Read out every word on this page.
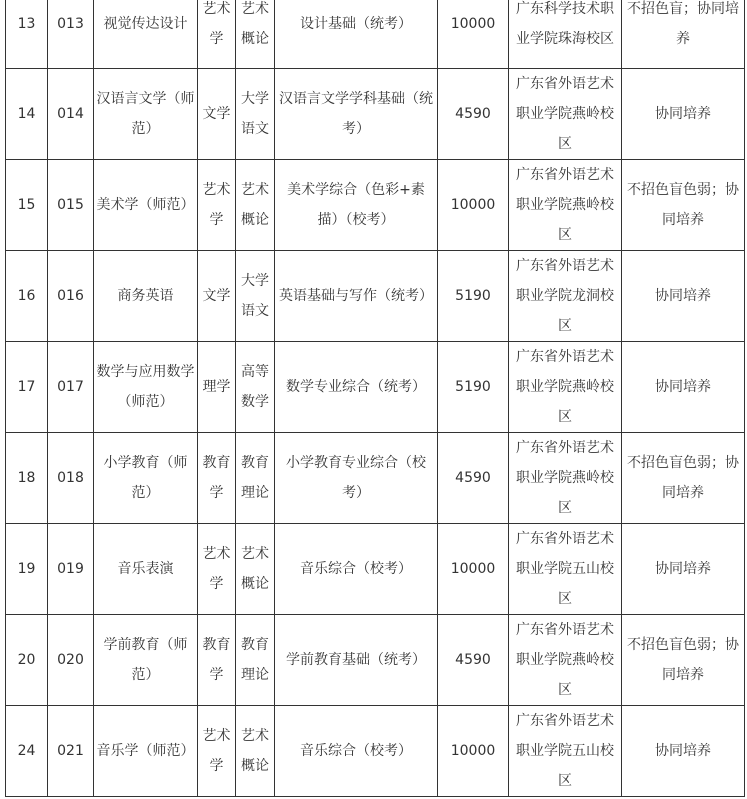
13	013	视觉传达设计	艺术学	艺术概论	设计基础（统考）	10000	广东科学技术职业学院珠海校区	不招色盲；协同培养
14	014	汉语言文学（师范）	文学	大学语文	汉语言文学学科基础（统考）	4590	广东省外语艺术职业学院燕岭校区	协同培养
15	015	美术学（师范）	艺术学	艺术概论	美术学综合（色彩+素描）（校考）	10000	广东省外语艺术职业学院燕岭校区	不招色盲色弱；协同培养
16	016	商务英语	文学	大学语文	英语基础与写作（统考）	5190	广东省外语艺术职业学院龙洞校区	协同培养
17	017	数学与应用数学（师范）	理学	高等数学	数学专业综合（统考）	5190	广东省外语艺术职业学院燕岭校区	协同培养
18	018	小学教育（师范）	教育学	教育理论	小学教育专业综合（校考）	4590	广东省外语艺术职业学院燕岭校区	不招色盲色弱；协同培养
19	019	音乐表演	艺术学	艺术概论	音乐综合（校考）	10000	广东省外语艺术职业学院五山校区	协同培养
20	020	学前教育（师范）	教育学	教育理论	学前教育基础（统考）	4590	广东省外语艺术职业学院燕岭校区	不招色盲色弱；协同培养
24	021	音乐学（师范）	艺术学	艺术概论	音乐综合（校考）	10000	广东省外语艺术职业学院五山校区	协同培养
